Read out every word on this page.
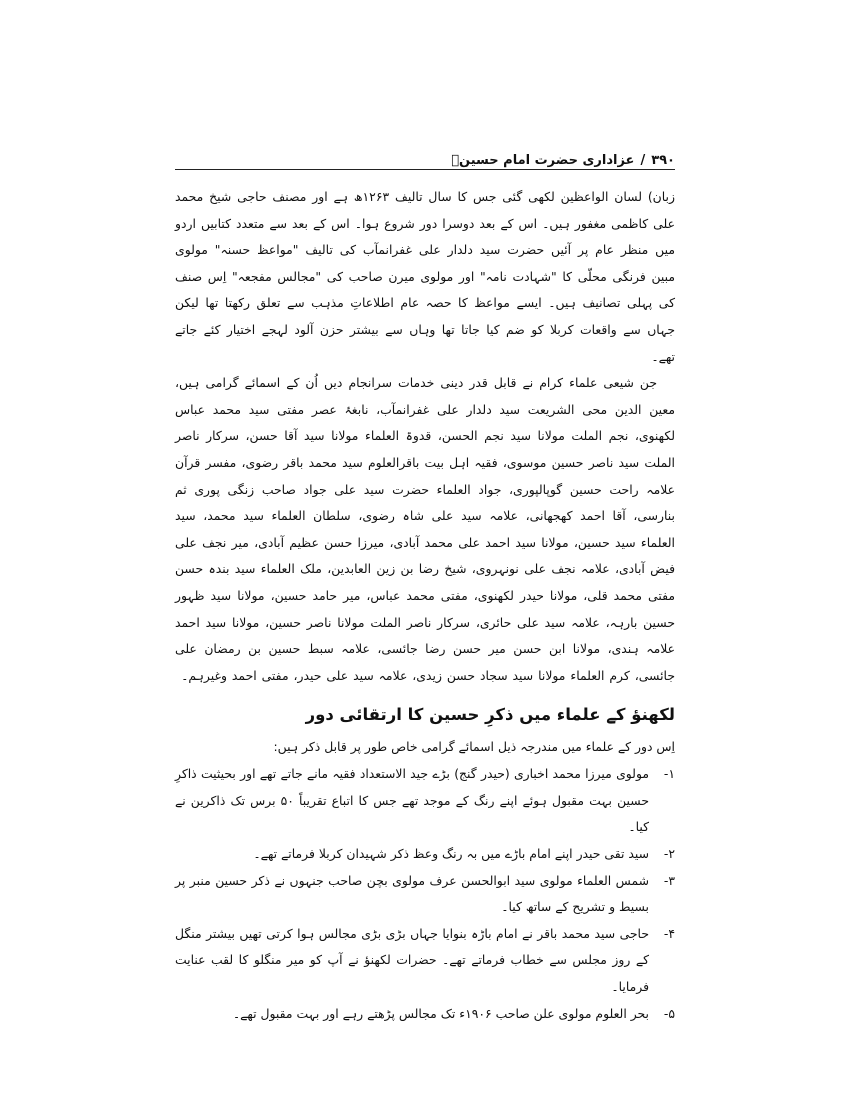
۳۹۰
/
عزاداری حضرت امام حسینؑ

زبان) لسان الواعظین لکھی گئی جس کا سال تالیف ۱۲۶۳ھ ہے اور مصنف حاجی شیخ محمد علی کاظمی مغفور ہیں۔ اس کے بعد دوسرا دور شروع ہوا۔ اس کے بعد سے متعدد کتابیں اردو میں منظر عام پر آئیں حضرت سید دلدار علی غفرانمآب کی تالیف "مواعظ حسنہ" مولوی مبین فرنگی محلّی کا "شہادت نامہ" اور مولوی میرن صاحب کی "مجالس مفجعہ" اِس صنف کی پہلی تصانیف ہیں۔ ایسے مواعظ کا حصہ عام اطلاعاتِ مذہب سے تعلق رکھتا تھا لیکن جہاں سے واقعات کربلا کو ضم کیا جاتا تھا وہاں سے بیشتر حزن آلود لہجے اختیار کئے جاتے تھے۔

جن شیعی علماء کرام نے قابل قدر دینی خدمات سرانجام دیں اُن کے اسمائے گرامی ہیں، معین الدین محی الشریعت سید دلدار علی غفرانمآب، نابغۂ عصر مفتی سید محمد عباس لکھنوی، نجم الملت مولانا سید نجم الحسن، قدوۃ العلماء مولانا سید آقا حسن، سرکار ناصر الملت سید ناصر حسین موسوی، فقیہ اہل بیت باقرالعلوم سید محمد باقر رضوی، مفسر قرآن علامہ راحت حسین گوپالپوری، جواد العلماء حضرت سید علی جواد صاحب زنگی پوری ثم بنارسی، آقا احمد کھجھانی، علامہ سید علی شاہ رضوی، سلطان العلماء سید محمد، سید العلماء سید حسین، مولانا سید احمد علی محمد آبادی، میرزا حسن عظیم آبادی، میر نجف علی فیض آبادی، علامہ نجف علی نونہروی، شیخ رضا بن زین العابدین، ملک العلماء سید بندہ حسن مفتی محمد قلی، مولانا حیدر لکھنوی، مفتی محمد عباس، میر حامد حسین، مولانا سید ظہور حسین بارہہ، علامہ سید علی حائری، سرکار ناصر الملت مولانا ناصر حسین، مولانا سید احمد علامہ ہندی، مولانا ابن حسن میر حسن رضا جائسی، علامہ سبط حسین بن رمضان علی جائسی، کرم العلماء مولانا سید سجاد حسن زیدی، علامہ سید علی حیدر، مفتی احمد وغیرہم۔

لکھنؤ کے علماء میں ذکرِ حسین کا ارتقائی دور

اِس دور کے علماء میں مندرجہ ذیل اسمائے گرامی خاص طور پر قابل ذکر ہیں:

۱-
مولوی میرزا محمد اخباری (حیدر گنج) بڑے جید الاستعداد فقیہ مانے جاتے تھے اور بحیثیت ذاکرِ حسین بہت مقبول ہوئے اپنے رنگ کے موجد تھے جس کا اتباع تقریباً ۵۰ برس تک ذاکرین نے کیا۔
۲-
سید تقی حیدر اپنے امام باڑے میں بہ رنگ وعظ ذکر شہیدان کربلا فرماتے تھے۔
۳-
شمس العلماء مولوی سید ابوالحسن عرف مولوی بچن صاحب جنہوں نے ذکر حسین منبر پر بسیط و تشریح کے ساتھ کیا۔
۴-
حاجی سید محمد باقر نے امام باڑہ بنوایا جہاں بڑی بڑی مجالس ہوا کرتی تھیں بیشتر منگل کے روز مجلس سے خطاب فرماتے تھے۔ حضرات لکھنؤ نے آپ کو میر منگلو کا لقب عنایت فرمایا۔
۵-
بحر العلوم مولوی علن صاحب ۱۹۰۶ء تک مجالس پڑھتے رہے اور بہت مقبول تھے۔
